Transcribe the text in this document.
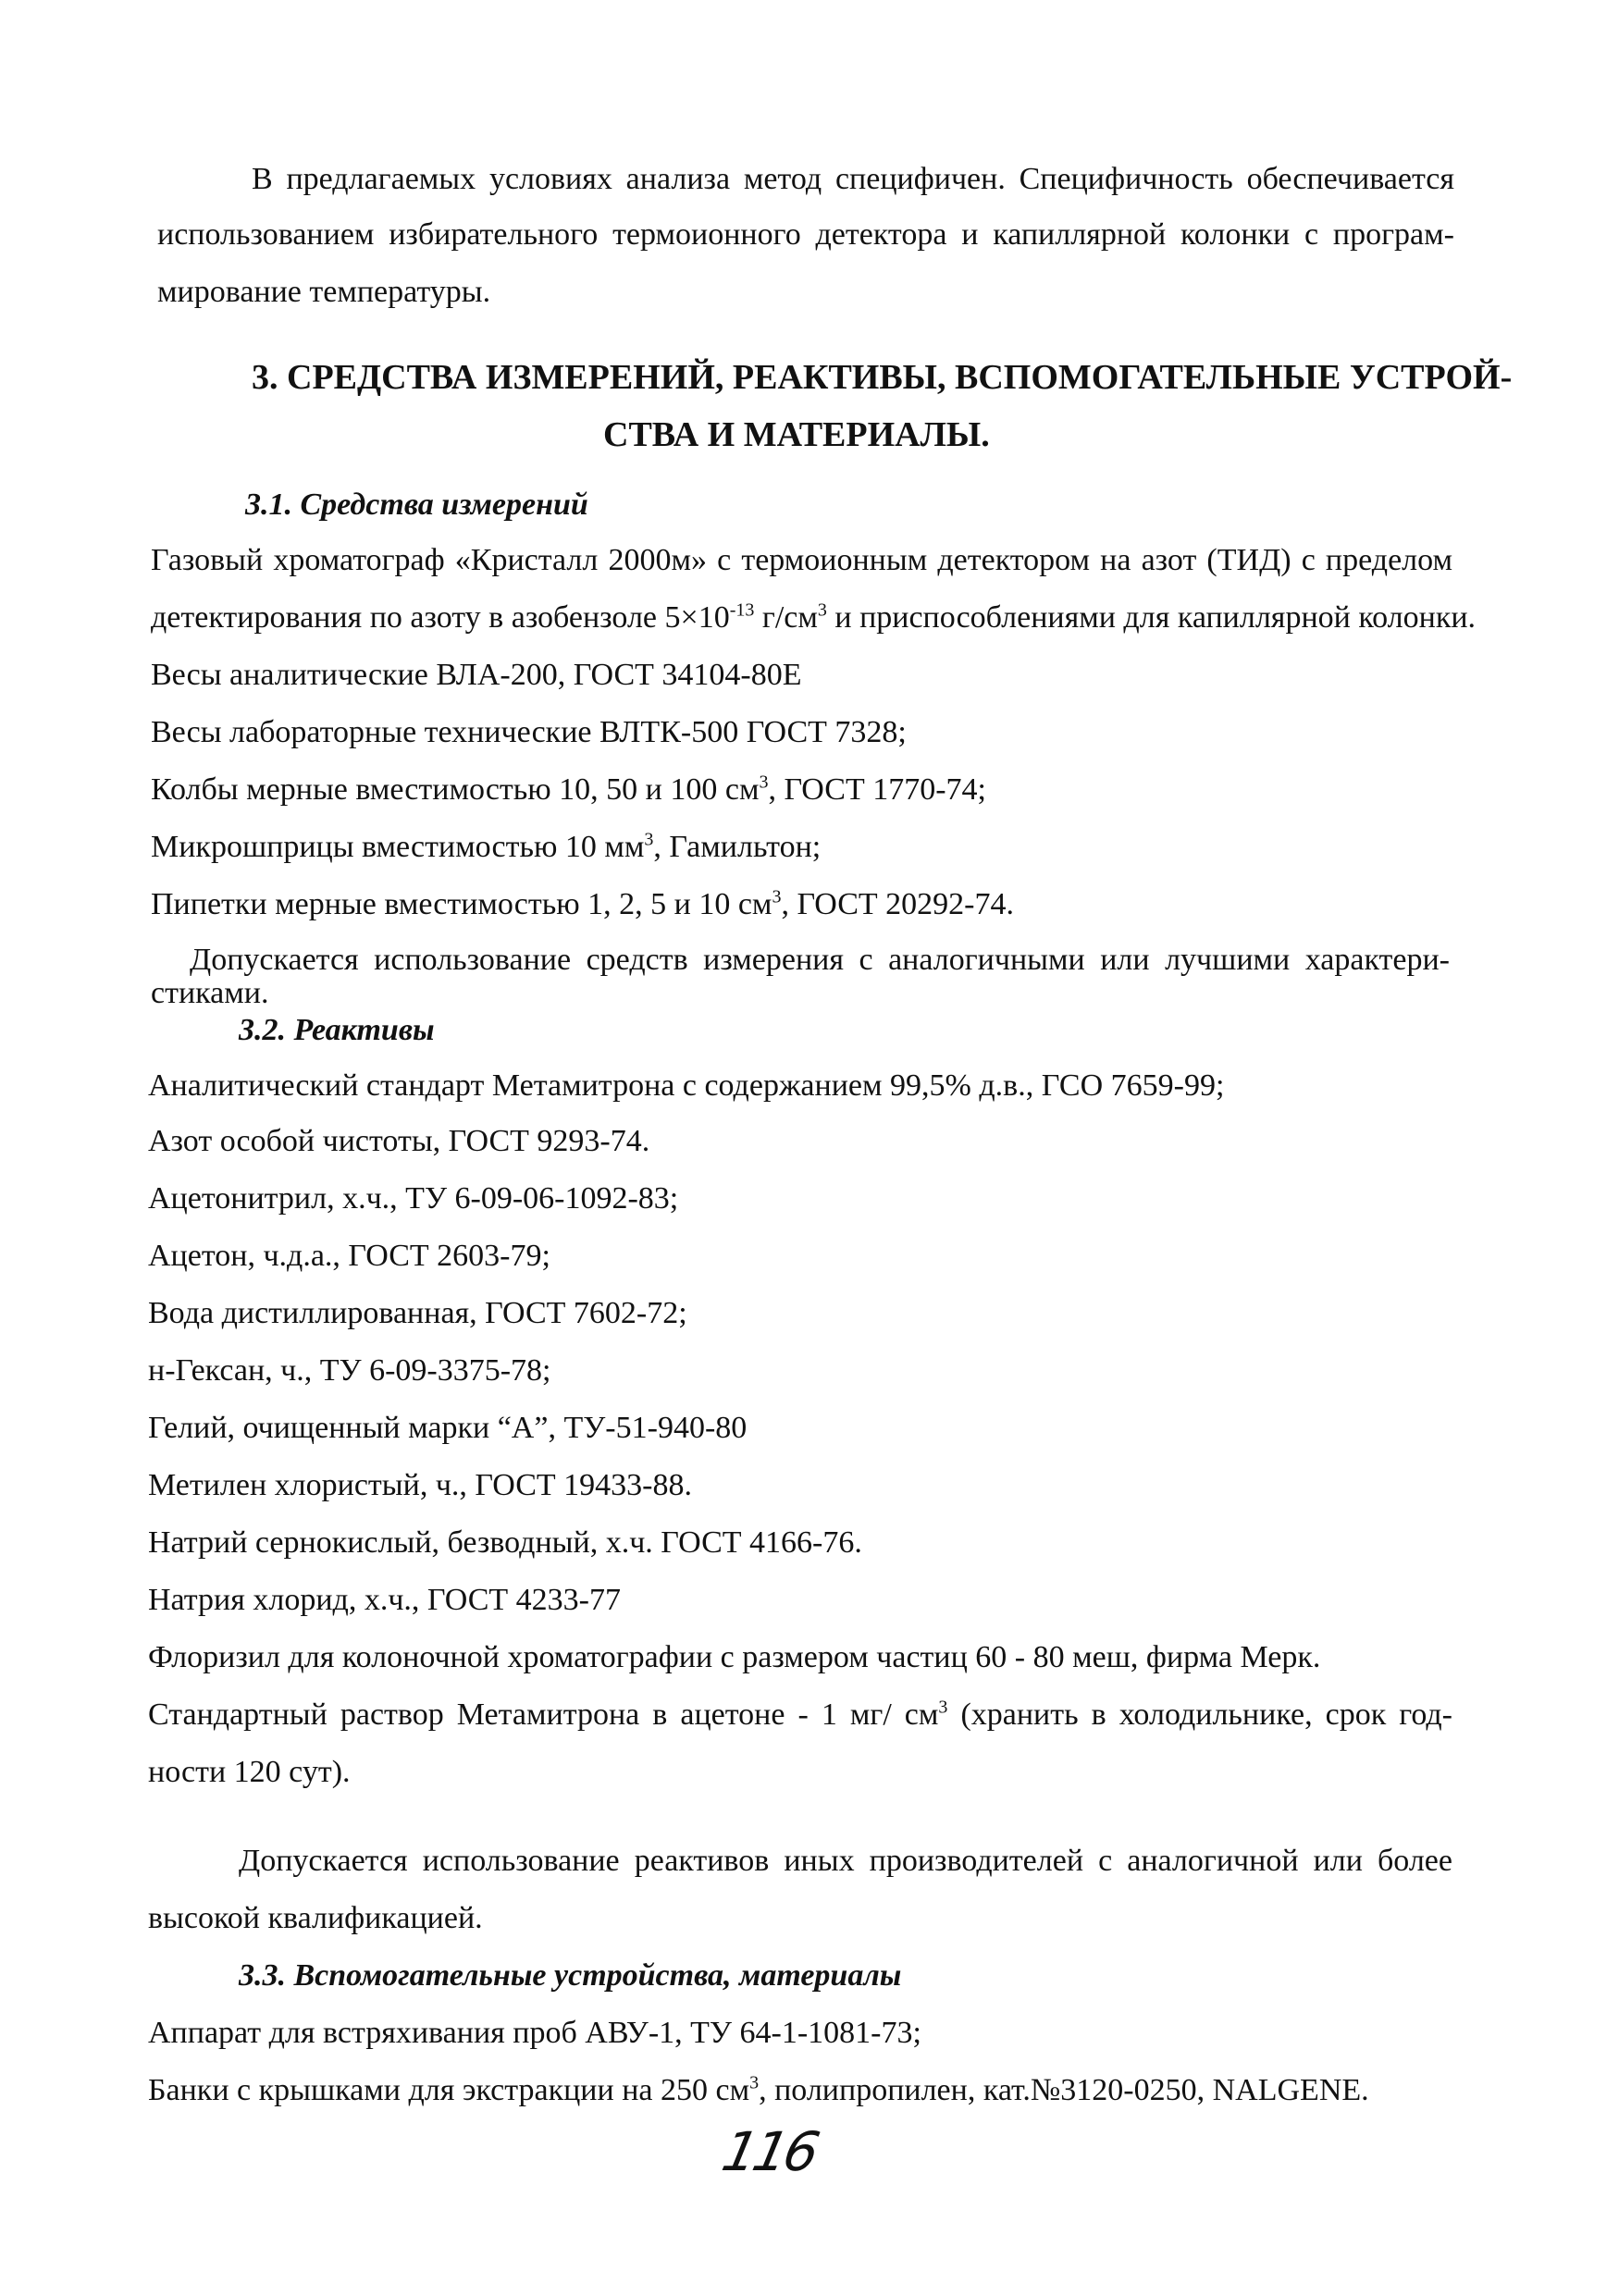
В предлагаемых условиях анализа метод специфичен. Специфичность обеспечивается
использованием избирательного термоионного детектора и капиллярной колонки с програм-
мирование температуры.
3. СРЕДСТВА ИЗМЕРЕНИЙ, РЕАКТИВЫ, ВСПОМОГАТЕЛЬНЫЕ УСТРОЙ-
СТВА И МАТЕРИАЛЫ.
3.1. Средства измерений
Газовый хроматограф «Кристалл 2000м» с термоионным детектором на азот (ТИД) с пределом
детектирования по азоту в азобензоле $5\times 10^{-13}$ $г/см^3$ и приспособлениями для капиллярной колонки.
Весы аналитические ВЛА-200, ГОСТ 34104-80Е
Весы лабораторные технические ВЛТК-500 ГОСТ 7328;
Колбы мерные вместимостью 10, 50 и 100 $см^3$, ГОСТ 1770-74;
Микрошприцы вместимостью 10 $мм^3$, Гамильтон;
Пипетки мерные вместимостью 1, 2, 5 и 10 $см^3$, ГОСТ 20292-74.
Допускается использование средств измерения с аналогичными или лучшими характери-
стиками.
3.2. Реактивы
Аналитический стандарт Метамитрона с содержанием 99,5% д.в., ГСО 7659-99;
Азот особой чистоты, ГОСТ 9293-74.
Ацетонитрил, х.ч., ТУ 6-09-06-1092-83;
Ацетон, ч.д.а., ГОСТ 2603-79;
Вода дистиллированная, ГОСТ 7602-72;
н-Гексан, ч., ТУ 6-09-3375-78;
Гелий, очищенный марки “А”, ТУ-51-940-80
Метилен хлористый, ч., ГОСТ 19433-88.
Натрий сернокислый, безводный, х.ч. ГОСТ 4166-76.
Натрия хлорид, х.ч., ГОСТ 4233-77
Флоризил для колоночной хроматографии с размером частиц 60 - 80 меш, фирма Мерк.
Стандартный раствор Метамитрона в ацетоне - 1 мг/ $см^3$ (хранить в холодильнике, срок год-
ности 120 сут).
Допускается использование реактивов иных производителей с аналогичной или более
высокой квалификацией.
3.3. Вспомогательные устройства, материалы
Аппарат для встряхивания проб АВУ-1, ТУ 64-1-1081-73;
Банки с крышками для экстракции на 250 $см^3$, полипропилен, кат.№3120-0250, NALGENE.
116
